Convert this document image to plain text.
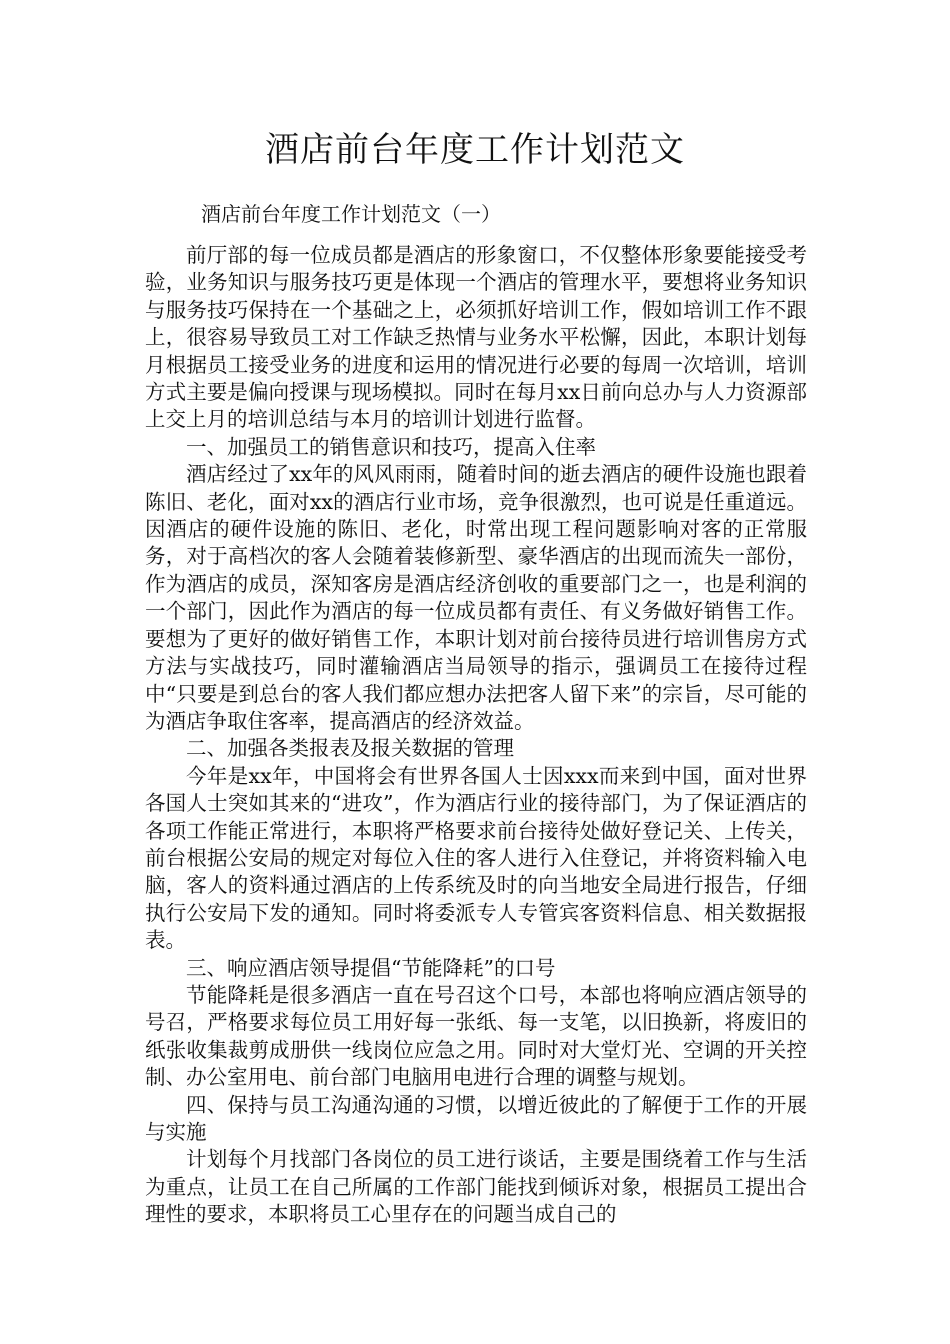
酒店前台年度工作计划范文

酒店前台年度工作计划范文（一）

前厅部的每一位成员都是酒店的形象窗口，不仅整体形象要能接受考验，业务知识与服务技巧更是体现一个酒店的管理水平，要想将业务知识与服务技巧保持在一个基础之上，必须抓好培训工作，假如培训工作不跟上，很容易导致员工对工作缺乏热情与业务水平松懈，因此，本职计划每月根据员工接受业务的进度和运用的情况进行必要的每周一次培训，培训方式主要是偏向授课与现场模拟。同时在每月xx日前向总办与人力资源部上交上月的培训总结与本月的培训计划进行监督。

一、加强员工的销售意识和技巧，提高入住率

酒店经过了xx年的风风雨雨，随着时间的逝去酒店的硬件设施也跟着陈旧、老化，面对xx的酒店行业市场，竞争很激烈，也可说是任重道远。因酒店的硬件设施的陈旧、老化，时常出现工程问题影响对客的正常服务，对于高档次的客人会随着装修新型、豪华酒店的出现而流失一部份，作为酒店的成员，深知客房是酒店经济创收的重要部门之一，也是利润的一个部门，因此作为酒店的每一位成员都有责任、有义务做好销售工作。要想为了更好的做好销售工作，本职计划对前台接待员进行培训售房方式方法与实战技巧，同时灌输酒店当局领导的指示，强调员工在接待过程中“只要是到总台的客人我们都应想办法把客人留下来”的宗旨，尽可能的为酒店争取住客率，提高酒店的经济效益。

二、加强各类报表及报关数据的管理

今年是xx年，中国将会有世界各国人士因xxx而来到中国，面对世界各国人士突如其来的“进攻”，作为酒店行业的接待部门，为了保证酒店的各项工作能正常进行，本职将严格要求前台接待处做好登记关、上传关，前台根据公安局的规定对每位入住的客人进行入住登记，并将资料输入电脑，客人的资料通过酒店的上传系统及时的向当地安全局进行报告，仔细执行公安局下发的通知。同时将委派专人专管宾客资料信息、相关数据报表。

三、响应酒店领导提倡“节能降耗”的口号

节能降耗是很多酒店一直在号召这个口号，本部也将响应酒店领导的号召，严格要求每位员工用好每一张纸、每一支笔，以旧换新，将废旧的纸张收集裁剪成册供一线岗位应急之用。同时对大堂灯光、空调的开关控制、办公室用电、前台部门电脑用电进行合理的调整与规划。

四、保持与员工沟通沟通的习惯，以增近彼此的了解便于工作的开展与实施

计划每个月找部门各岗位的员工进行谈话，主要是围绕着工作与生活为重点，让员工在自己所属的工作部门能找到倾诉对象，根据员工提出合理性的要求，本职将员工心里存在的问题当成自己的
